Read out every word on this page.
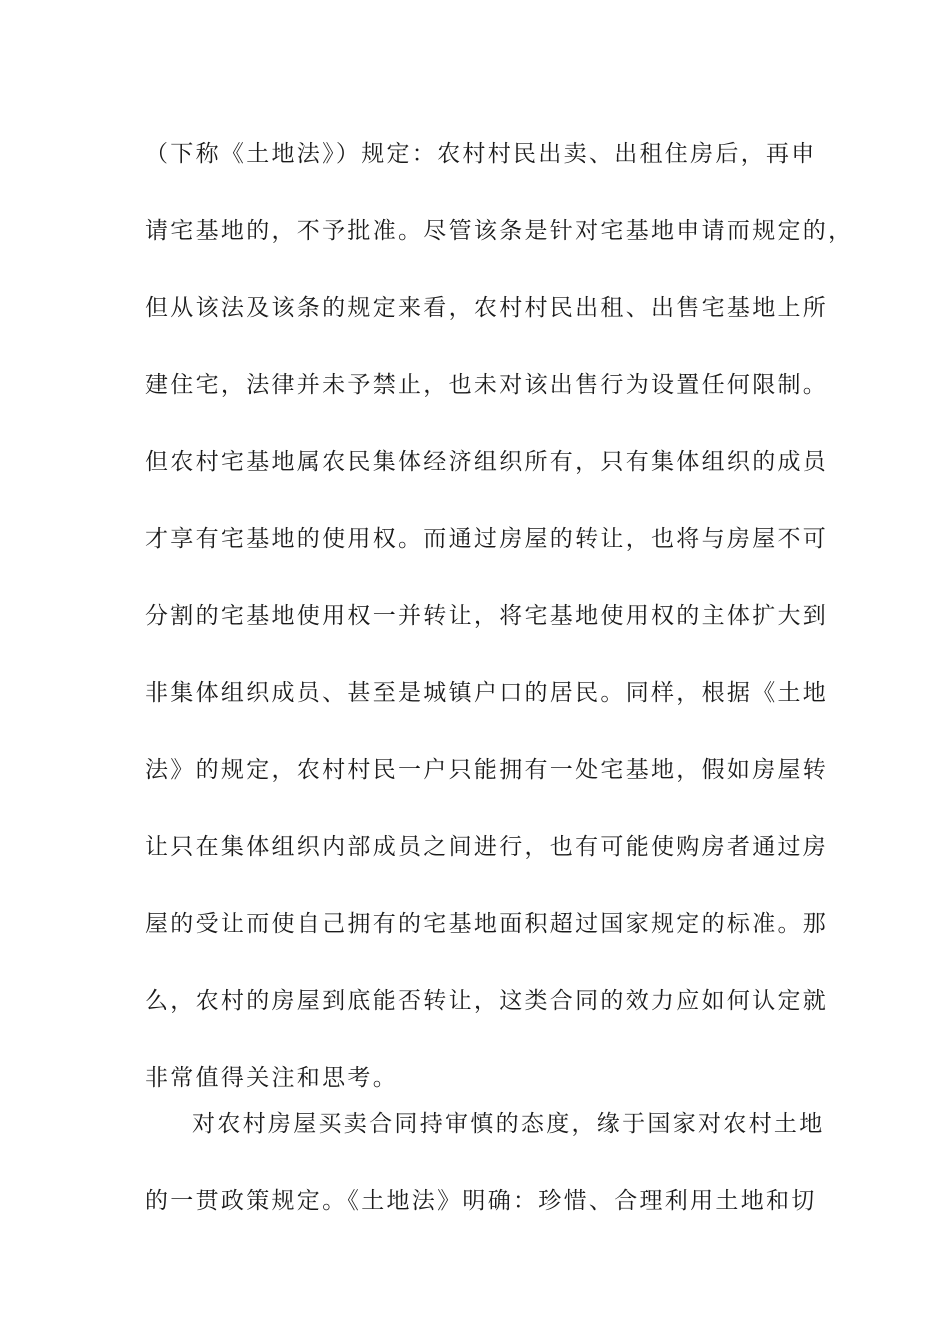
（下称《土地法》）规定：农村村民出卖、出租住房后，再申
请宅基地的，不予批准。尽管该条是针对宅基地申请而规定的，
但从该法及该条的规定来看，农村村民出租、出售宅基地上所
建住宅，法律并未予禁止，也未对该出售行为设置任何限制。
但农村宅基地属农民集体经济组织所有，只有集体组织的成员
才享有宅基地的使用权。而通过房屋的转让，也将与房屋不可
分割的宅基地使用权一并转让，将宅基地使用权的主体扩大到
非集体组织成员、甚至是城镇户口的居民。同样，根据《土地
法》的规定，农村村民一户只能拥有一处宅基地，假如房屋转
让只在集体组织内部成员之间进行，也有可能使购房者通过房
屋的受让而使自己拥有的宅基地面积超过国家规定的标准。那
么，农村的房屋到底能否转让，这类合同的效力应如何认定就
非常值得关注和思考。
对农村房屋买卖合同持审慎的态度，缘于国家对农村土地
的一贯政策规定。《土地法》明确：珍惜、合理利用土地和切
